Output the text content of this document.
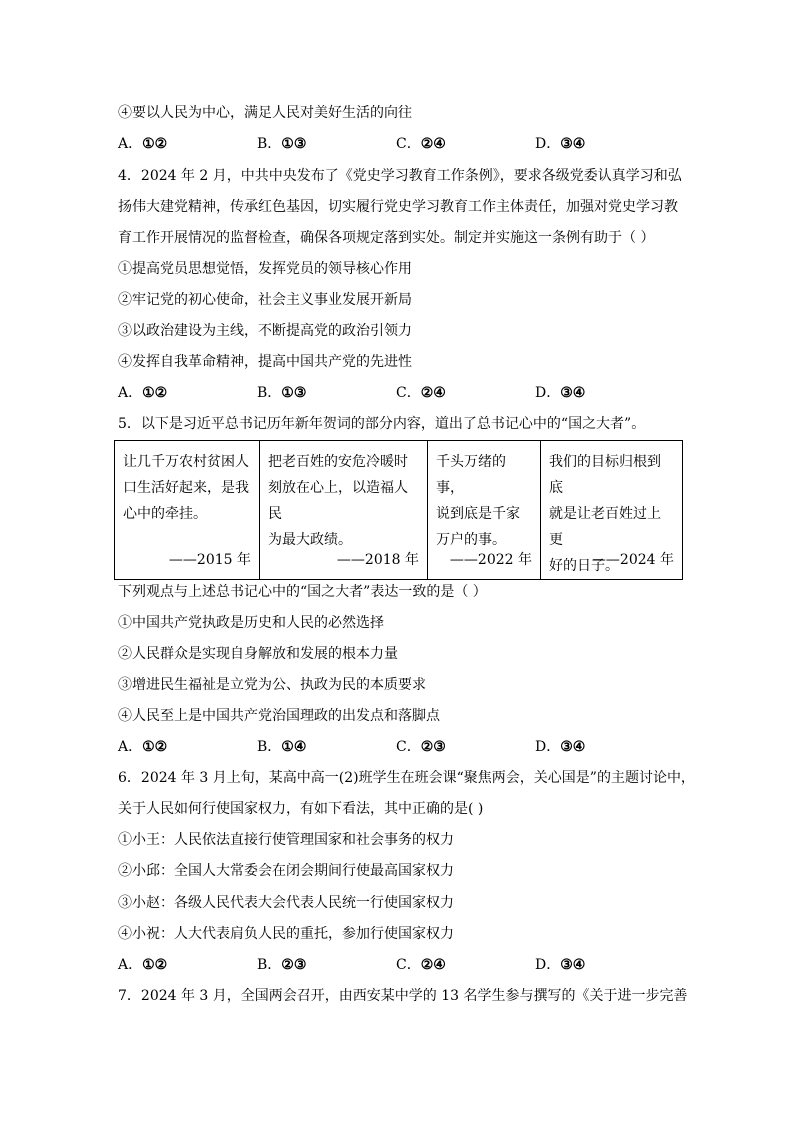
④要以人民为中心，满足人民对美好生活的向往
A．①②	B．①③	C．②④	D．③④
4．2024 年 2 月，中共中央发布了《党史学习教育工作条例》，要求各级党委认真学习和弘
扬伟大建党精神，传承红色基因，切实履行党史学习教育工作主体责任，加强对党史学习教
育工作开展情况的监督检查，确保各项规定落到实处。制定并实施这一条例有助于（ ）
①提高党员思想觉悟，发挥党员的领导核心作用
②牢记党的初心使命，社会主义事业发展开新局
③以政治建设为主线，不断提高党的政治引领力
④发挥自我革命精神，提高中国共产党的先进性
A．①②	B．①③	C．②④	D．③④
5．以下是习近平总书记历年新年贺词的部分内容，道出了总书记心中的“国之大者”。
让几千万农村贫困人
口生活好起来，是我
心中的牵挂。
——2015 年

把老百姓的安危冷暖时
刻放在心上，以造福人民
为最大政绩。
——2018 年

千头万绪的事，
说到底是千家
万户的事。
——2022 年

我们的目标归根到底
就是让老百姓过上更
好的日子。
——2024 年
下列观点与上述总书记心中的“国之大者”表达一致的是（ ）
①中国共产党执政是历史和人民的必然选择
②人民群众是实现自身解放和发展的根本力量
③增进民生福祉是立党为公、执政为民的本质要求
④人民至上是中国共产党治国理政的出发点和落脚点
A．①②	B．①④	C．②③	D．③④
6．2024 年 3 月上旬，某高中高一(2)班学生在班会课“聚焦两会，关心国是”的主题讨论中，
关于人民如何行使国家权力，有如下看法，其中正确的是( )
①小王：人民依法直接行使管理国家和社会事务的权力
②小邱：全国人大常委会在闭会期间行使最高国家权力
③小赵：各级人民代表大会代表人民统一行使国家权力
④小祝：人大代表肩负人民的重托，参加行使国家权力
A．①②	B．②③	C．②④	D．③④
7．2024 年 3 月，全国两会召开，由西安某中学的 13 名学生参与撰写的《关于进一步完善
